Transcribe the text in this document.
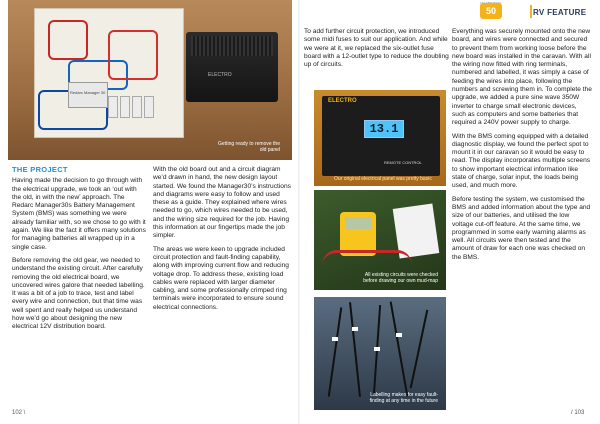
Redarc Manager 30
ELECTRO
Getting ready to remove the old panel
THE PROJECT

Having made the decision to go through with the electrical upgrade, we took an ‘out with the old, in with the new’ approach. The Redarc Manager30s Battery Management System (BMS) was something we were already familiar with, so we chose to go with it again. We like the fact it offers many solutions for managing batteries all wrapped up in a single case.

Before removing the old gear, we needed to understand the existing circuit. After carefully removing the old electrical board, we uncovered wires galore that needed labelling. It was a bit of a job to trace, test and label every wire and connection, but that time was well spent and really helped us understand how we’d go about designing the new electrical 12V distribution board.

With the old board out and a circuit diagram we’d drawn in hand, the new design layout started. We found the Manager30’s instructions and diagrams were easy to follow and used these as a guide. They explained where wires needed to go, which wires needed to be used, and the wiring size required for the job. Having this information at our fingertips made the job simpler.

The areas we were keen to upgrade included circuit protection and fault-finding capability, along with improving current flow and reducing voltage drop. To address these, existing load cables were replaced with larger diameter cabling, and some professionally crimped ring terminals were incorporated to ensure sound electrical connections.

102 \
ELECTRO
13.1
REMOTE CONTROL
Our original electrical panel was pretty basic
All existing circuits were checked before drawing our own mud-map
Labelling makes for easy fault-finding at any time in the future

To add further circuit protection, we introduced some midi fuses to suit our application. And while we were at it, we replaced the six-outlet fuse board with a 12-outlet type to reduce the doubling up of circuits.

Everything was securely mounted onto the new board, and wires were connected and secured to prevent them from working loose before the new board was installed in the caravan. With all the wiring now fitted with ring terminals, numbered and labelled, it was simply a case of feeding the wires into place, following the numbers and screwing them in. To complete the upgrade, we added a pure sine wave 350W inverter to charge small electronic devices, such as computers and some batteries that required a 240V power supply to charge.

With the BMS coming equipped with a detailed diagnostic display, we found the perfect spot to mount it in our caravan so it would be easy to read. The display incorporates multiple screens to show important electrical information like state of charge, solar input, the loads being used, and much more.

Before testing the system, we customised the BMS and added information about the type and size of our batteries, and utilised the low voltage cut-off feature. At the same time, we programmed in some early warning alarms as well. All circuits were then tested and the amount of draw for each one was checked on the BMS.

/ 103
50	RV FEATURE
